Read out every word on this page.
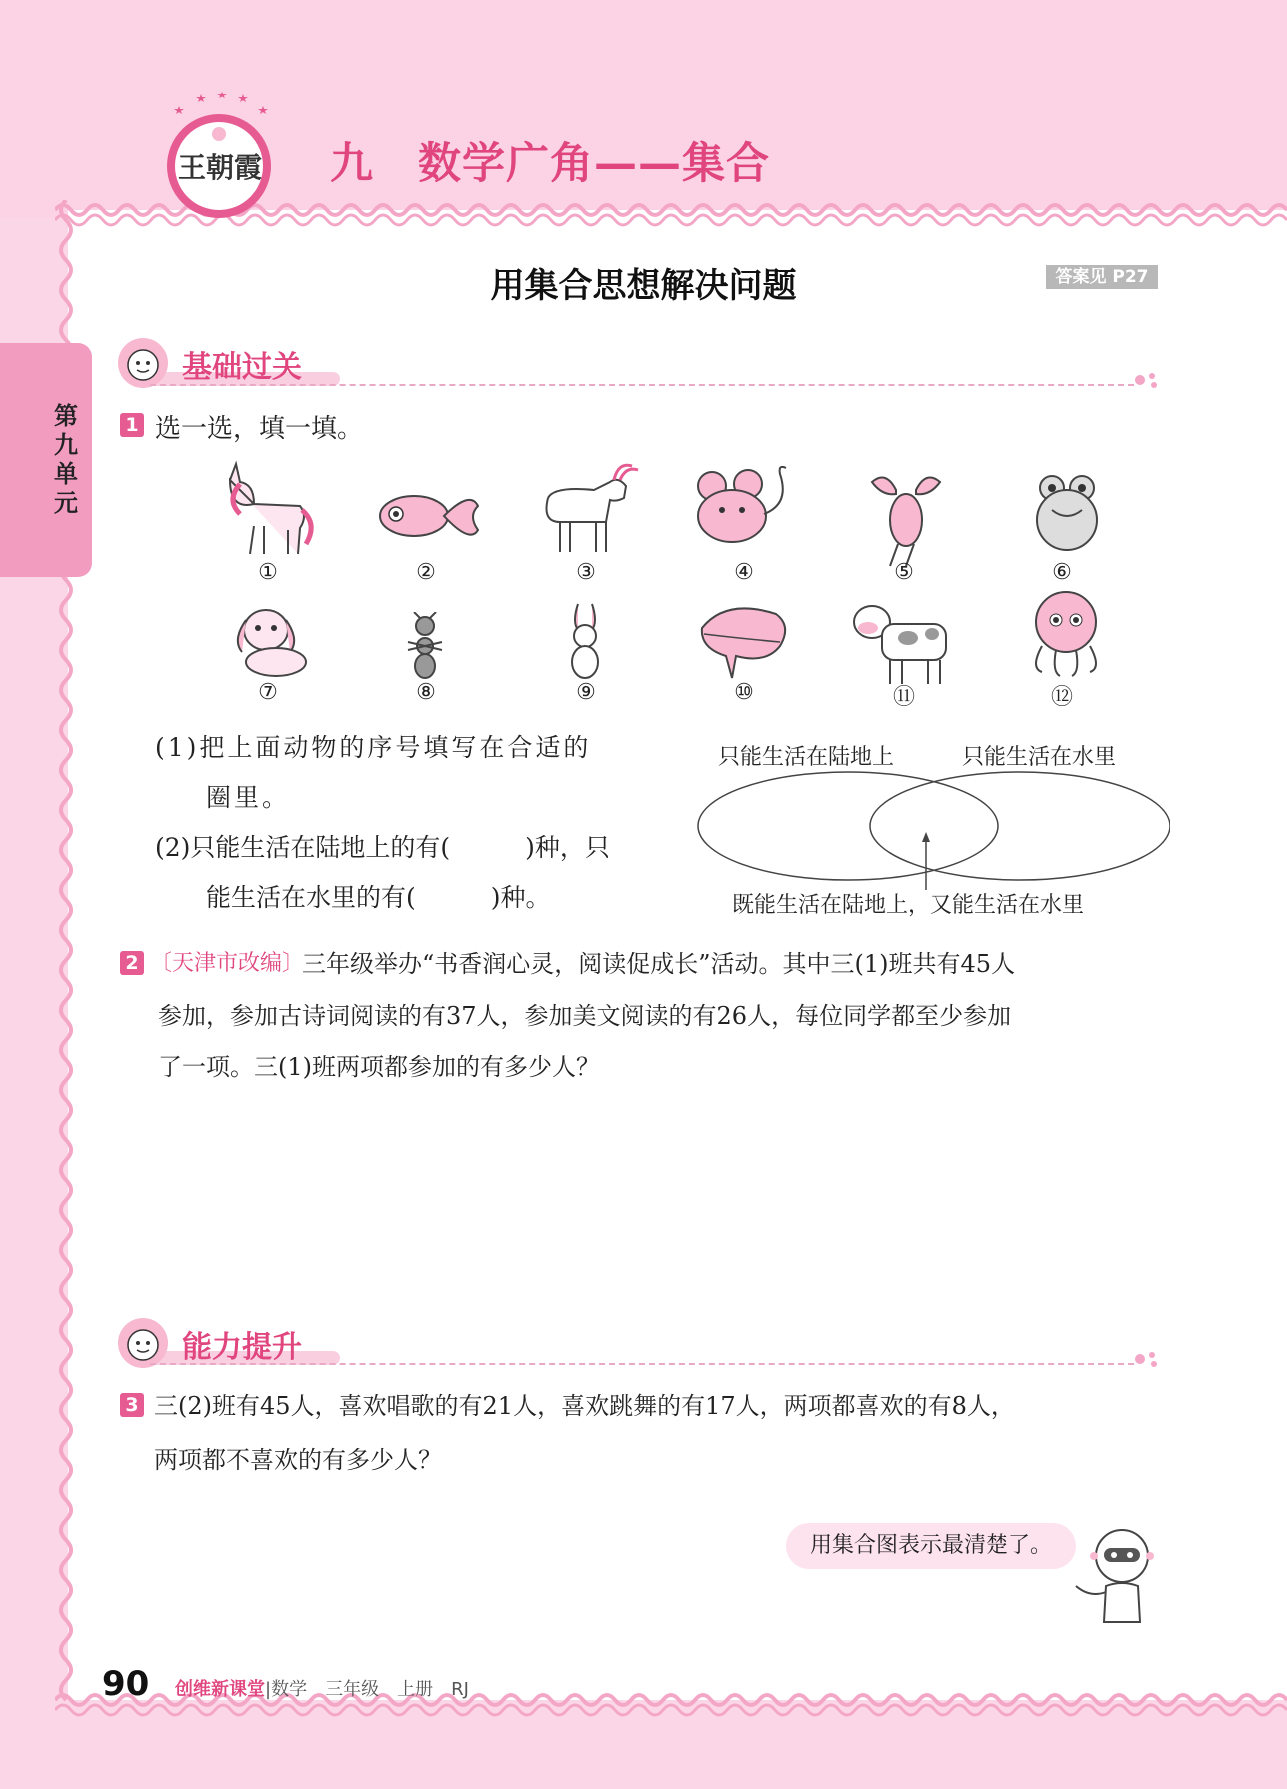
王朝霞 九　数学广角——集合
用集合思想解决问题	答案见 P27
第九单元
基础过关
1 选一选，填一填。
①	②	③	④	⑤	⑥
⑦	⑧	⑨	⑩	⑪	⑫
(1)把上面动物的序号填写在合适的
圈里。
(2)只能生活在陆地上的有(　　　)种，只
能生活在水里的有(　　　)种。
只能生活在陆地上	只能生活在水里
既能生活在陆地上，又能生活在水里
2 〔天津市改编〕
三年级举办“书香润心灵，阅读促成长”活动。其中三(1)班共有45人
参加，参加古诗词阅读的有37人，参加美文阅读的有26人，每位同学都至少参加
了一项。三(1)班两项都参加的有多少人？
能力提升
3 三(2)班有45人，喜欢唱歌的有21人，喜欢跳舞的有17人，两项都喜欢的有8人，
两项都不喜欢的有多少人？
用集合图表示最清楚了。
90 创维新课堂|数学　三年级　上册　RJ
